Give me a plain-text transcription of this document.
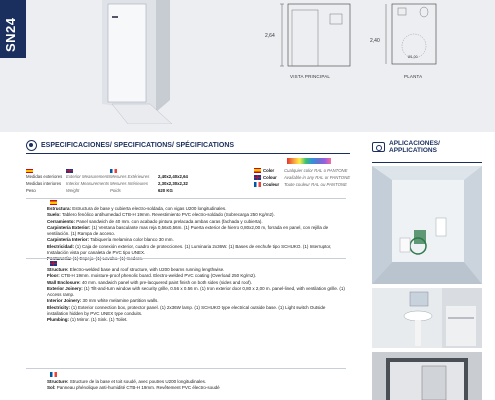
SN24	2,64
2,40
Ø1,00
VISTA PRINCIPAL	PLANTA
ESPECIFICACIONES/ SPECIFICATIONS/ SPÉCIFICATIONS
Medidas exteriores Exterior Measurements Mesures Extérieures	2,40x2,40x2,64
Medidas interiores	Interior Measurements Mesures Intérieures	2,30x2,30x2,32
Peso	Weight	Poids	620 KG
Color	Cualquier color RAL o PANTONE
Colour	Available in any RAL or PANTONE
Couleur	Toute couleur RAL ou PANTONE
Estructura: Estructura de base y cubierta electro-soldada, con vigas U200 longitudinales.
Suelo: Tablero fenólico antihumedad CTB-H 19mm. Revestimiento PVC electro-soldado (Sobrecarga 250 Kg/m2).
Cerramiento: Panel sandwich de 40 mm. con acabado pintura prelacada ambas caras (fachada y cubierta).
Carpintería Exterior: (1) Ventana basculante mas reja 0,56x0,56m. (1) Puerta exterior de hierro 0,80x2,00 m, forrada en panel, con rejilla de ventilación. (1) Rampa de acceso.
Carpintería Interior: Tabiquería melamina color blanco 30 mm.
Electricidad: (1) Caja de conexión exterior, cuadro de protecciones. (1) Luminaria 2x36W. (1) Bases de enchufe tipo SCHUKO. (1) Interruptor, Instalación vista por canaleta de PVC tipo UNEX.
Structure: Electro-welded base and roof structure, with U200 beams running lengthwise.
Floor: CTB-H 19mm. moisture-proof phenolic board. Electro-welded PVC coating (Overload 250 Kg/m2).
Wall Enclosure: 40 mm. sandwich panel with pre-lacquered paint finish on both sides (sides and roof).
Exterior Joinery: (1) Tilt-and-turn window with security grille, 0.56 x 0.56 m. (1) Iron exterior door 0,80 x 2,00 m. panel-lined, with ventilation grille. (1) Access ramp.
Interior Joinery: 30 mm white melamine partition walls.
Electricity: (1) Exterior connection box, protector panel. (1) 2x36W lamp. (1) SCHUKO type electrical outside base. (1) Light switch Outside installation hidden by PVC UNEX type conduits.
Plumbing: (1) Mirror. (1) Sink. (1) Toilet.
Structure: Structure de la base et toit soudé, avec poutres U200 longitudinales.
Sol: Panneau phénolique anti-humidité CTB-H 19mm. Revêtement PVC électro-soudé
APLICACIONES/
APPLICATIONS
